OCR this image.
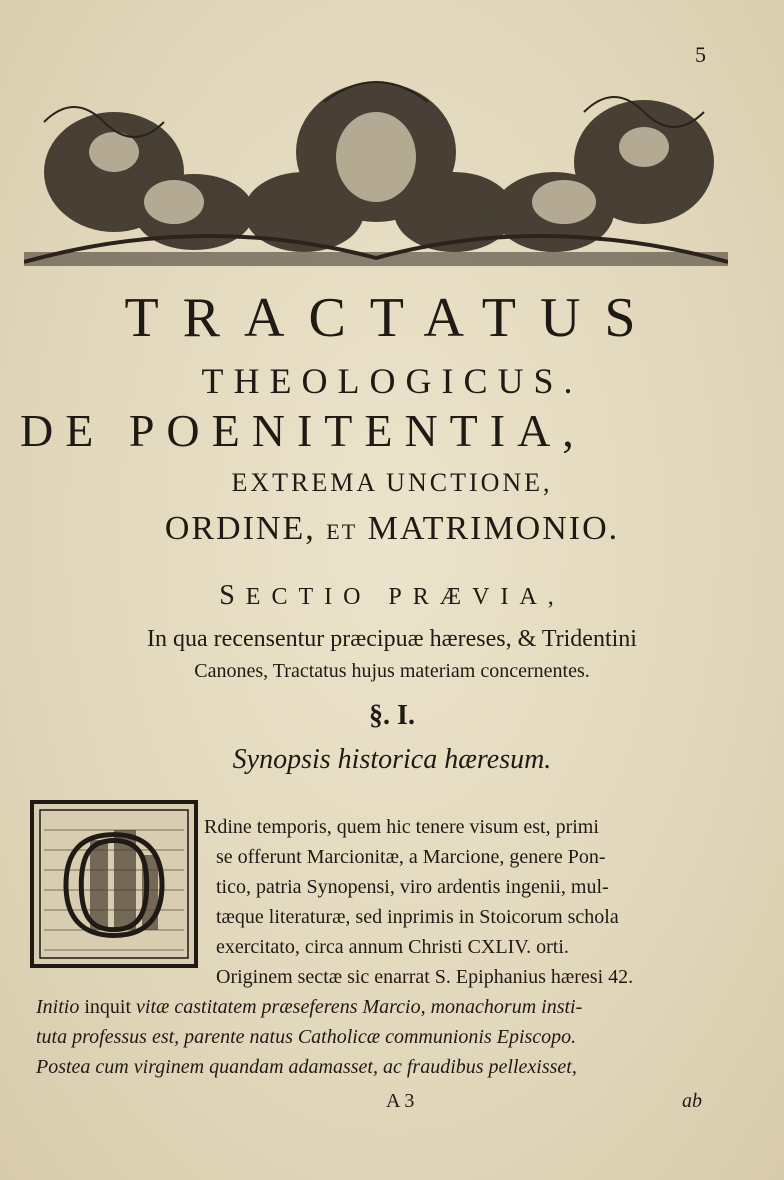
5
TRACTATUS
THEOLOGICUS.
DE POENITENTIA,
EXTREMA UNCTIONE,
ORDINE, ET MATRIMONIO.
SECTIO PRÆVIA,
In qua recensentur præcipuæ hæreses, & Tridentini
Canones, Tractatus hujus materiam concernentes.
§. I.
Synopsis historica hæresum.
O Rdine temporis, quem hic tenere visum est, primi
se offerunt Marcionitæ, a Marcione, genere Pon-
tico, patria Synopensi, viro ardentis ingenii, mul-
tæque literaturæ, sed inprimis in Stoicorum schola
exercitato, circa annum Christi CXLIV. orti.
Originem sectæ sic enarrat S. Epiphanius hæresi 42.
Initio inquit vitæ castitatem præseferens Marcio, monachorum insti-
tuta professus est, parente natus Catholicæ communionis Episcopo.
Postea cum virginem quandam adamasset, ac fraudibus pellexisset,
A 3	ab
